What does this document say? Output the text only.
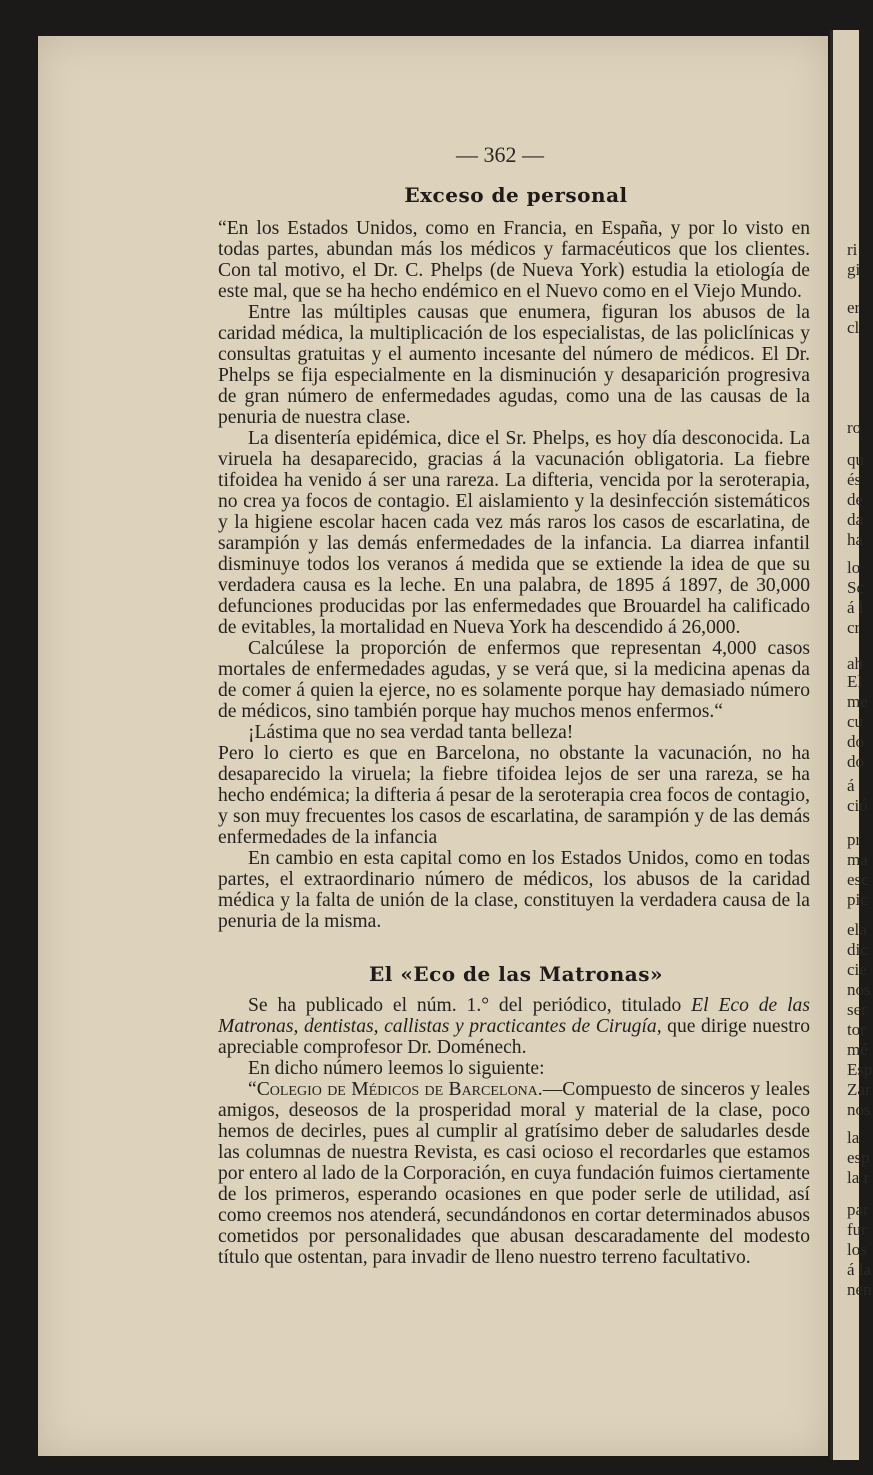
ri
gi
er
cl
ro
qu
és
de
da
ha
lo
Sc
á l
cr
ah
El
me
cu
do
do
á
ció
pr
ma
esc
pic
ela
dic
cie
nos
ser
tor
mé
Esp
Zar
nos
la
esp
la r
par
fur
los
á la
nen
— 362 —
Exceso de personal

“En los Estados Unidos, como en Francia, en España, y por lo visto en todas partes, abundan más los médicos y farmacéuticos que los clientes. Con tal motivo, el Dr. C. Phelps (de Nueva York) estudia la etiología de este mal, que se ha hecho endémico en el Nuevo como en el Viejo Mundo.

Entre las múltiples causas que enumera, figuran los abusos de la caridad médica, la multiplicación de los especialistas, de las policlínicas y consultas gratuitas y el aumento incesante del número de médicos. El Dr. Phelps se fija especialmente en la disminución y desaparición progresiva de gran número de enfermedades agudas, como una de las causas de la penuria de nuestra clase.

La disentería epidémica, dice el Sr. Phelps, es hoy día desconocida. La viruela ha desaparecido, gracias á la vacunación obligatoria. La fiebre tifoidea ha venido á ser una rareza. La difteria, vencida por la seroterapia, no crea ya focos de contagio. El aislamiento y la desinfección sistemáticos y la higiene escolar hacen cada vez más raros los casos de escarlatina, de sarampión y las demás enfermedades de la infancia. La diarrea infantil disminuye todos los veranos á medida que se extiende la idea de que su verdadera causa es la leche. En una palabra, de 1895 á 1897, de 30,000 defunciones producidas por las enfermedades que Brouardel ha calificado de evitables, la mortalidad en Nueva York ha descendido á 26,000.

Calcúlese la proporción de enfermos que representan 4,000 casos mortales de enfermedades agudas, y se verá que, si la medicina apenas da de comer á quien la ejerce, no es solamente porque hay demasiado número de médicos, sino también porque hay muchos menos enfermos.“

¡Lástima que no sea verdad tanta belleza!

Pero lo cierto es que en Barcelona, no obstante la vacunación, no ha desaparecido la viruela; la fiebre tifoidea lejos de ser una rareza, se ha hecho endémica; la difteria á pesar de la seroterapia crea focos de contagio, y son muy frecuentes los casos de escarlatina, de sarampión y de las demás enfermedades de la infancia

En cambio en esta capital como en los Estados Unidos, como en todas partes, el extraordinario número de médicos, los abusos de la caridad médica y la falta de unión de la clase, constituyen la verdadera causa de la penuria de la misma.

El «Eco de las Matronas»

Se ha publicado el núm. 1.° del periódico, titulado El Eco de las Matronas, dentistas, callistas y practicantes de Cirugía, que dirige nuestro apreciable comprofesor Dr. Doménech.

En dicho número leemos lo siguiente:

“Colegio de Médicos de Barcelona.—Compuesto de sinceros y leales amigos, deseosos de la prosperidad moral y material de la clase, poco hemos de decirles, pues al cumplir al gratísimo deber de saludarles desde las columnas de nuestra Revista, es casi ocioso el recordarles que estamos por entero al lado de la Corporación, en cuya fundación fuimos ciertamente de los primeros, esperando ocasiones en que poder serle de utilidad, así como creemos nos atenderá, secundándonos en cortar determinados abusos cometidos por personalidades que abusan descaradamente del modesto título que ostentan, para invadir de lleno nuestro terreno facultativo.
